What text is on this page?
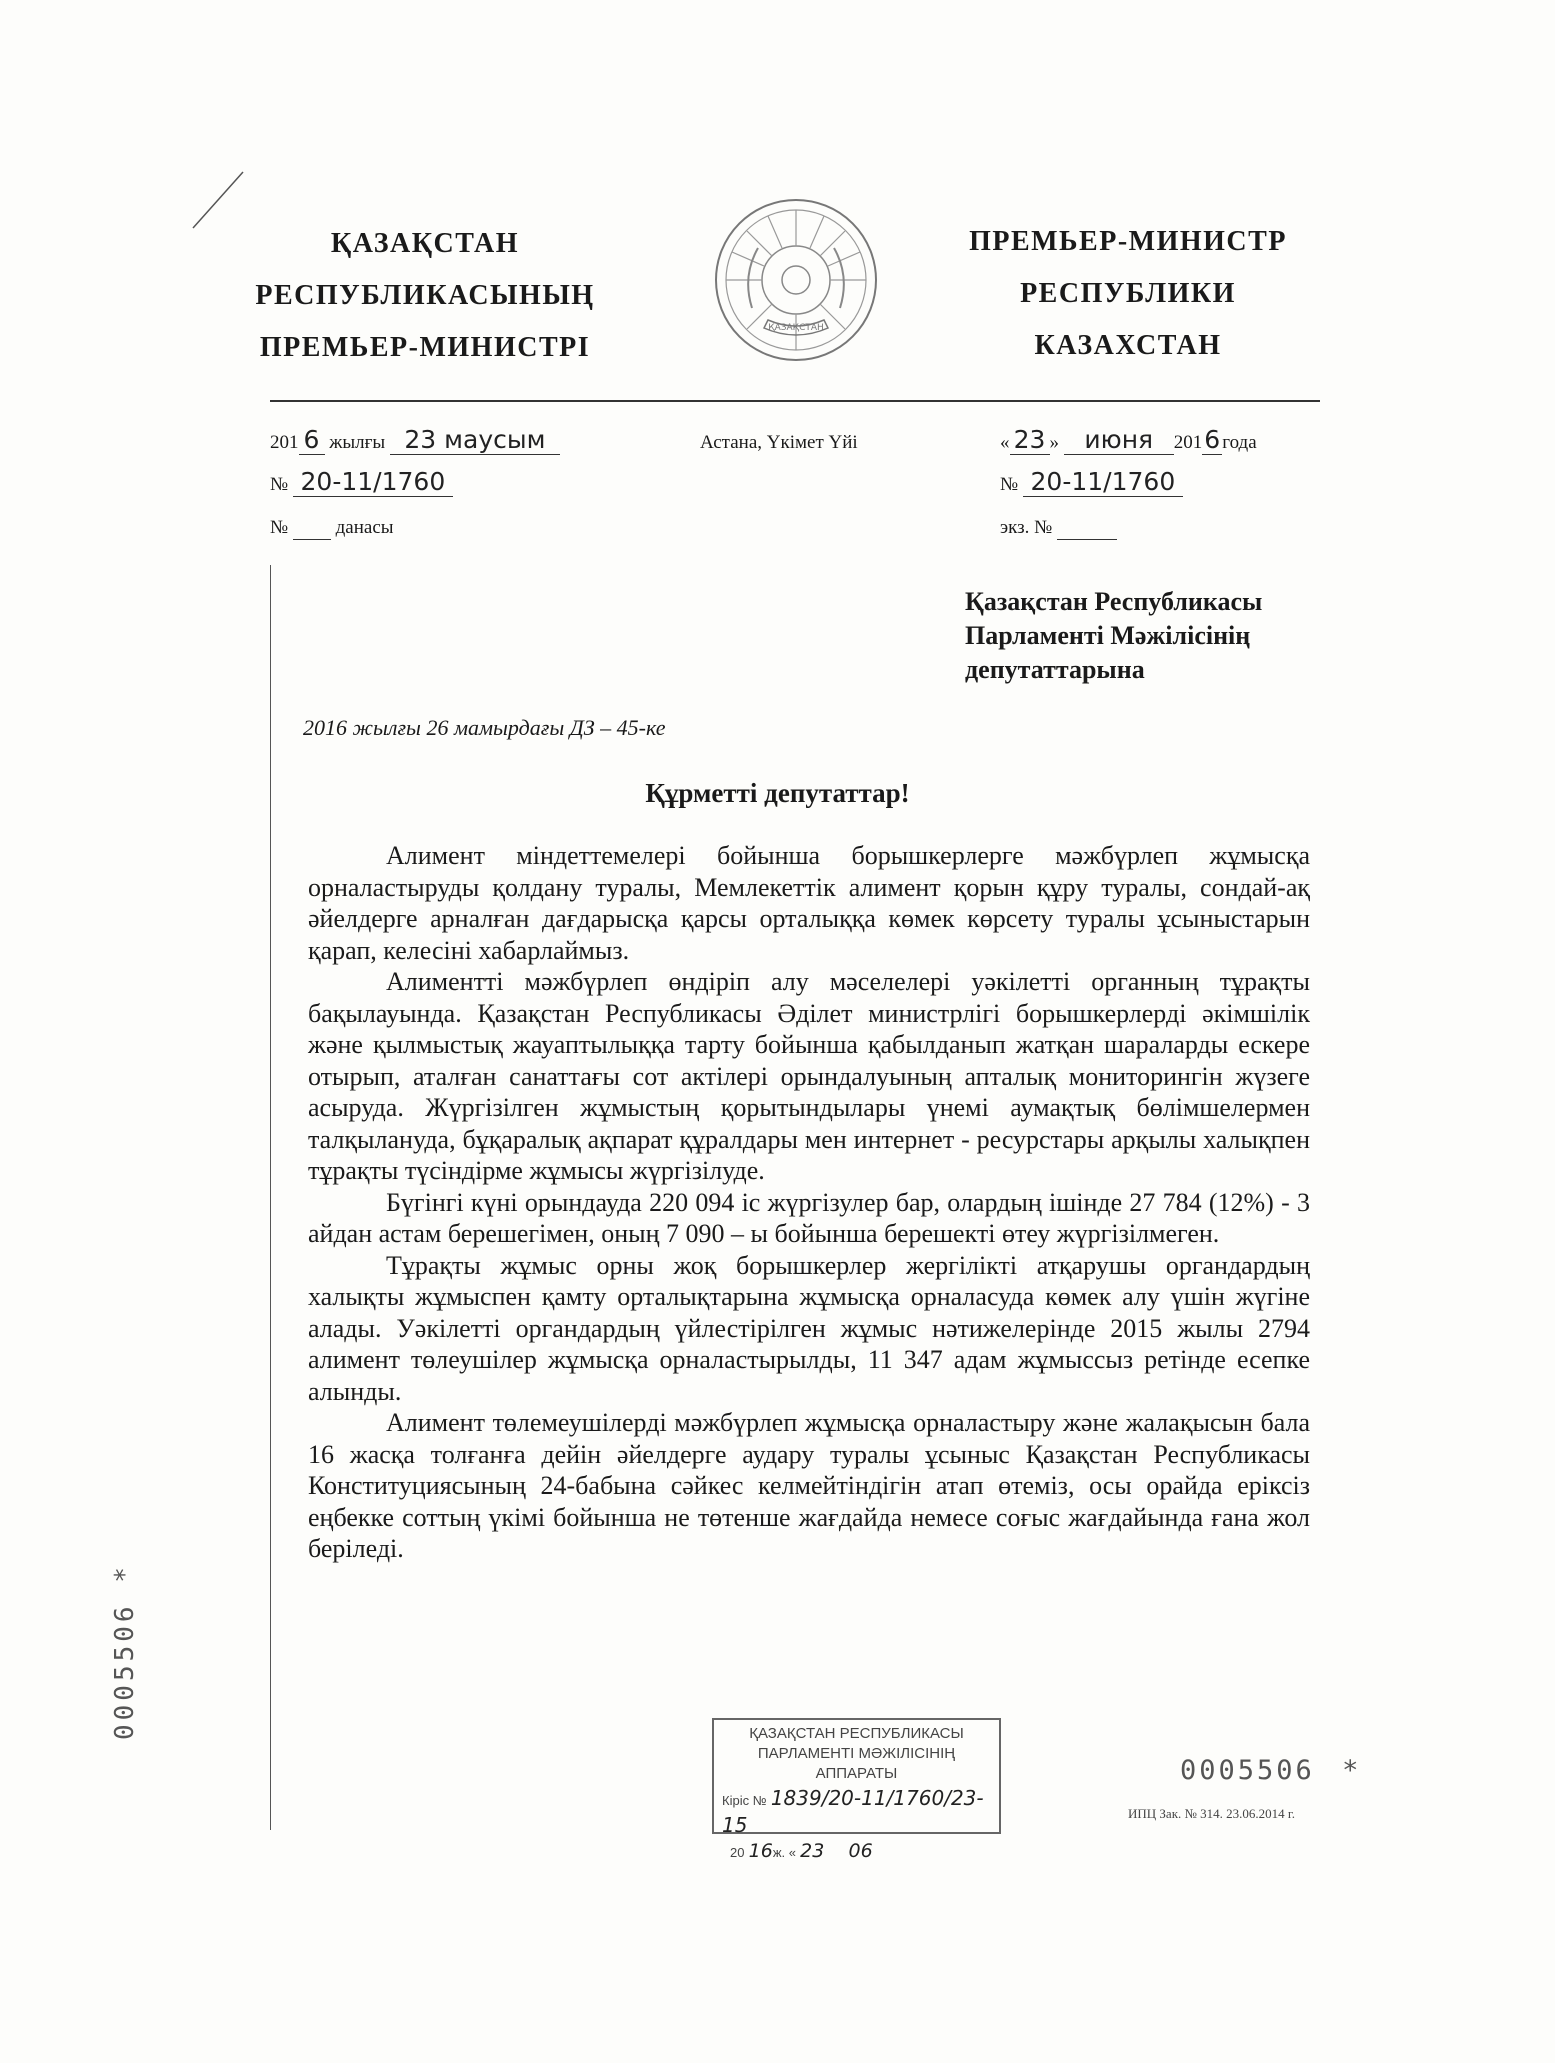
ҚАЗАҚСТАН
РЕСПУБЛИКАСЫНЫҢ
ПРЕМЬЕР-МИНИСТРІ
ҚАЗАҚСТАН
ПРЕМЬЕР-МИНИСТР
РЕСПУБЛИКИ
КАЗАХСТАН
201 6 жылғы 23 маусым
№ 20-11/1760
№	данасы
Астана, Үкімет Үйі	« 23 » июня 2016 года
№ 20-11/1760
экз. №
Қазақстан Республикасы
Парламенті Мәжілісінің
депутаттарына
2016 жылғы 26 мамырдағы ДЗ – 45-ке
Құрметті депутаттар!

Алимент міндеттемелері бойынша борышкерлерге мәжбүрлеп жұмысқа орналастыруды қолдану туралы, Мемлекеттік алимент қорын құру туралы, сондай-ақ әйелдерге арналған дағдарысқа қарсы орталыққа көмек көрсету туралы ұсыныстарын қарап, келесіні хабарлаймыз.

Алиментті мәжбүрлеп өндіріп алу мәселелері уәкілетті органның тұрақты бақылауында. Қазақстан Республикасы Әділет министрлігі борышкерлерді әкімшілік және қылмыстық жауаптылыққа тарту бойынша қабылданып жатқан шараларды ескере отырып, аталған санаттағы сот актілері орындалуының апталық мониторингін жүзеге асыруда. Жүргізілген жұмыстың қорытындылары үнемі аумақтық бөлімшелермен талқылануда, бұқаралық ақпарат құралдары мен интернет - ресурстары арқылы халықпен тұрақты түсіндірме жұмысы жүргізілуде.

Бүгінгі күні орындауда 220 094 іс жүргізулер бар, олардың ішінде 27 784 (12%) - 3 айдан астам берешегімен, оның 7 090 – ы бойынша берешекті өтеу жүргізілмеген.

Тұрақты жұмыс орны жоқ борышкерлер жергілікті атқарушы органдардың халықты жұмыспен қамту орталықтарына жұмысқа орналасуда көмек алу үшін жүгіне алады. Уәкілетті органдардың үйлестірілген жұмыс нәтижелерінде 2015 жылы 2794 алимент төлеушілер жұмысқа орналастырылды, 11 347 адам жұмыссыз ретінде есепке алынды.

Алимент төлемеушілерді мәжбүрлеп жұмысқа орналастыру және жалақысын бала 16 жасқа толғанға дейін әйелдерге аудару туралы ұсыныс Қазақстан Республикасы Конституциясының 24-бабына сәйкес келмейтіндігін атап өтеміз, осы орайда еріксіз еңбекке соттың үкімі бойынша не төтенше жағдайда немесе соғыс жағдайында ғана жол беріледі.

0005506 *	ҚАЗАҚСТАН РЕСПУБЛИКАСЫ
ПАРЛАМЕНТІ МӘЖІЛІСІНІҢ
АППАРАТЫ
Кіріс № 1839/20-11/1760/23-15
20 16ж. « 23 06
0005506 *
ИПЦ Зак. № 314. 23.06.2014 г.
